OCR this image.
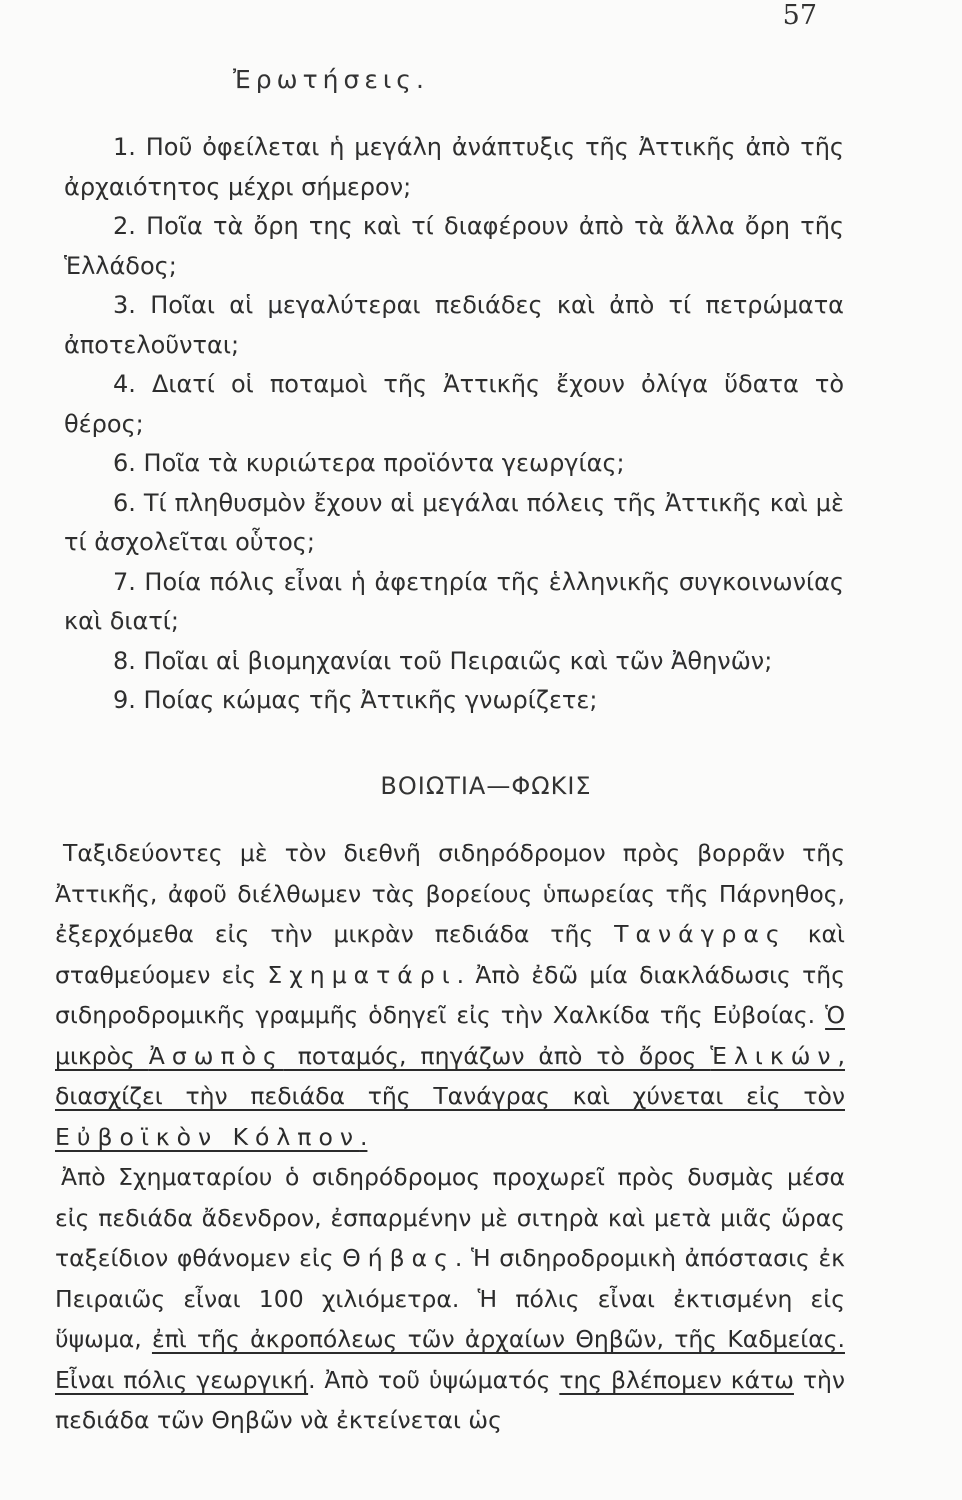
57
Ἐρωτήσεις.

1. Ποῦ ὀφείλεται ἡ μεγάλη ἀνάπτυξις τῆς Ἀττικῆς ἀπὸ τῆς ἀρχαιότητος μέχρι σήμερον;

2. Ποῖα τὰ ὄρη της καὶ τί διαφέρουν ἀπὸ τὰ ἄλλα ὄρη τῆς Ἑλλάδος;

3. Ποῖαι αἱ μεγαλύτεραι πεδιάδες καὶ ἀπὸ τί πετρώματα ἀποτελοῦνται;

4. Διατί οἱ ποταμοὶ τῆς Ἀττικῆς ἔχουν ὀλίγα ὕδατα τὸ θέρος;

6. Ποῖα τὰ κυριώτερα προϊόντα γεωργίας;

6. Τί πληθυσμὸν ἔχουν αἱ μεγάλαι πόλεις τῆς Ἀττικῆς καὶ μὲ τί ἀσχολεῖται οὗτος;

7. Ποία πόλις εἶναι ἡ ἀφετηρία τῆς ἑλληνικῆς συγκοινωνίας καὶ διατί;

8. Ποῖαι αἱ βιομηχανίαι τοῦ Πειραιῶς καὶ τῶν Ἀθηνῶν;

9. Ποίας κώμας τῆς Ἀττικῆς γνωρίζετε;

ΒΟΙΩΤΙΑ—ΦΩΚΙΣ

Ταξιδεύοντες μὲ τὸν διεθνῆ σιδηρόδρομον πρὸς βορρᾶν τῆς Ἀττικῆς, ἀφοῦ διέλθωμεν τὰς βορείους ὑπωρείας τῆς Πάρνηθος, ἐξερχόμεθα εἰς τὴν μικρὰν πεδιάδα τῆς Τανάγρας καὶ σταθμεύομεν εἰς Σχηματάρι. Ἀπὸ ἐδῶ μία διακλάδωσις τῆς σιδηροδρομικῆς γραμμῆς ὁδηγεῖ εἰς τὴν Χαλκίδα τῆς Εὐβοίας. Ὁ μικρὸς Ἀσωπὸς ποταμός, πηγάζων ἀπὸ τὸ ὄρος Ἑλικών, διασχίζει τὴν πεδιάδα τῆς Τανάγρας καὶ χύνεται εἰς τὸν Εὐβοϊκὸν Κόλπον.

Ἀπὸ Σχηματαρίου ὁ σιδηρόδρομος προχωρεῖ πρὸς δυσμὰς μέσα εἰς πεδιάδα ἄδενδρον, ἐσπαρμένην μὲ σιτηρὰ καὶ μετὰ μιᾶς ὥρας ταξείδιον φθάνομεν εἰς Θήβας. Ἡ σιδηροδρομικὴ ἀπόστασις ἐκ Πειραιῶς εἶναι 100 χιλιόμετρα. Ἡ πόλις εἶναι ἐκτισμένη εἰς ὕψωμα, ἐπὶ τῆς ἀκροπόλεως τῶν ἀρχαίων Θηβῶν, τῆς Καδμείας. Εἶναι πόλις γεωργική. Ἀπὸ τοῦ ὑψώματός της βλέπομεν κάτω τὴν πεδιάδα τῶν Θηβῶν νὰ ἐκτείνεται ὡς
